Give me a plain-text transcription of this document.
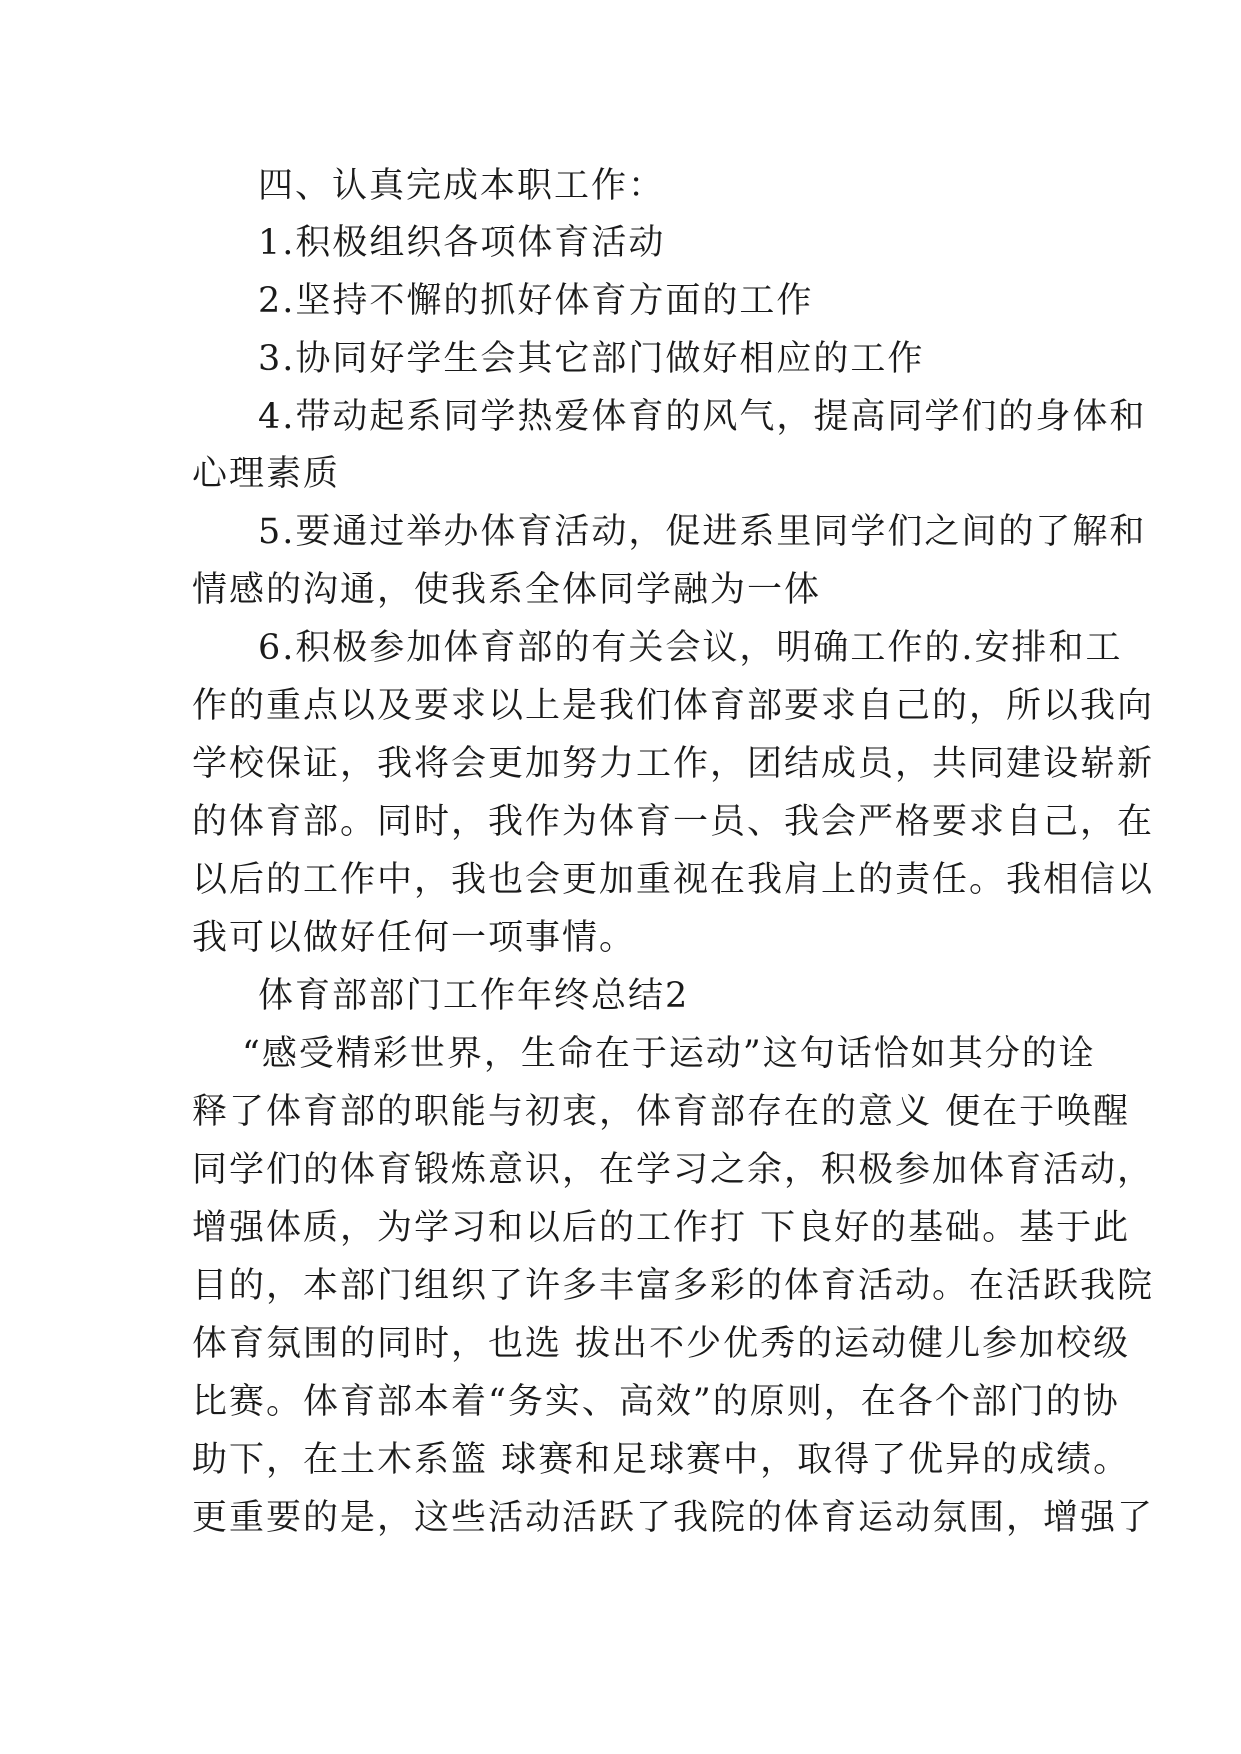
四、认真完成本职工作：
1.积极组织各项体育活动
2.坚持不懈的抓好体育方面的工作
3.协同好学生会其它部门做好相应的工作
4.带动起系同学热爱体育的风气，提高同学们的身体和
心理素质
5.要通过举办体育活动，促进系里同学们之间的了解和
情感的沟通，使我系全体同学融为一体
6.积极参加体育部的有关会议，明确工作的.安排和工
作的重点以及要求以上是我们体育部要求自己的，所以我向
学校保证，我将会更加努力工作，团结成员，共同建设崭新
的体育部。同时，我作为体育一员、我会严格要求自己，在
以后的工作中，我也会更加重视在我肩上的责任。我相信以
我可以做好任何一项事情。
体育部部门工作年终总结2
“感受精彩世界，生命在于运动”这句话恰如其分的诠
释了体育部的职能与初衷，体育部存在的意义 便在于唤醒
同学们的体育锻炼意识，在学习之余，积极参加体育活动，
增强体质，为学习和以后的工作打 下良好的基础。基于此
目的，本部门组织了许多丰富多彩的体育活动。在活跃我院
体育氛围的同时，也选 拔出不少优秀的运动健儿参加校级
比赛。体育部本着“务实、高效”的原则，在各个部门的协
助下，在土木系篮 球赛和足球赛中，取得了优异的成绩。
更重要的是，这些活动活跃了我院的体育运动氛围，增强了
